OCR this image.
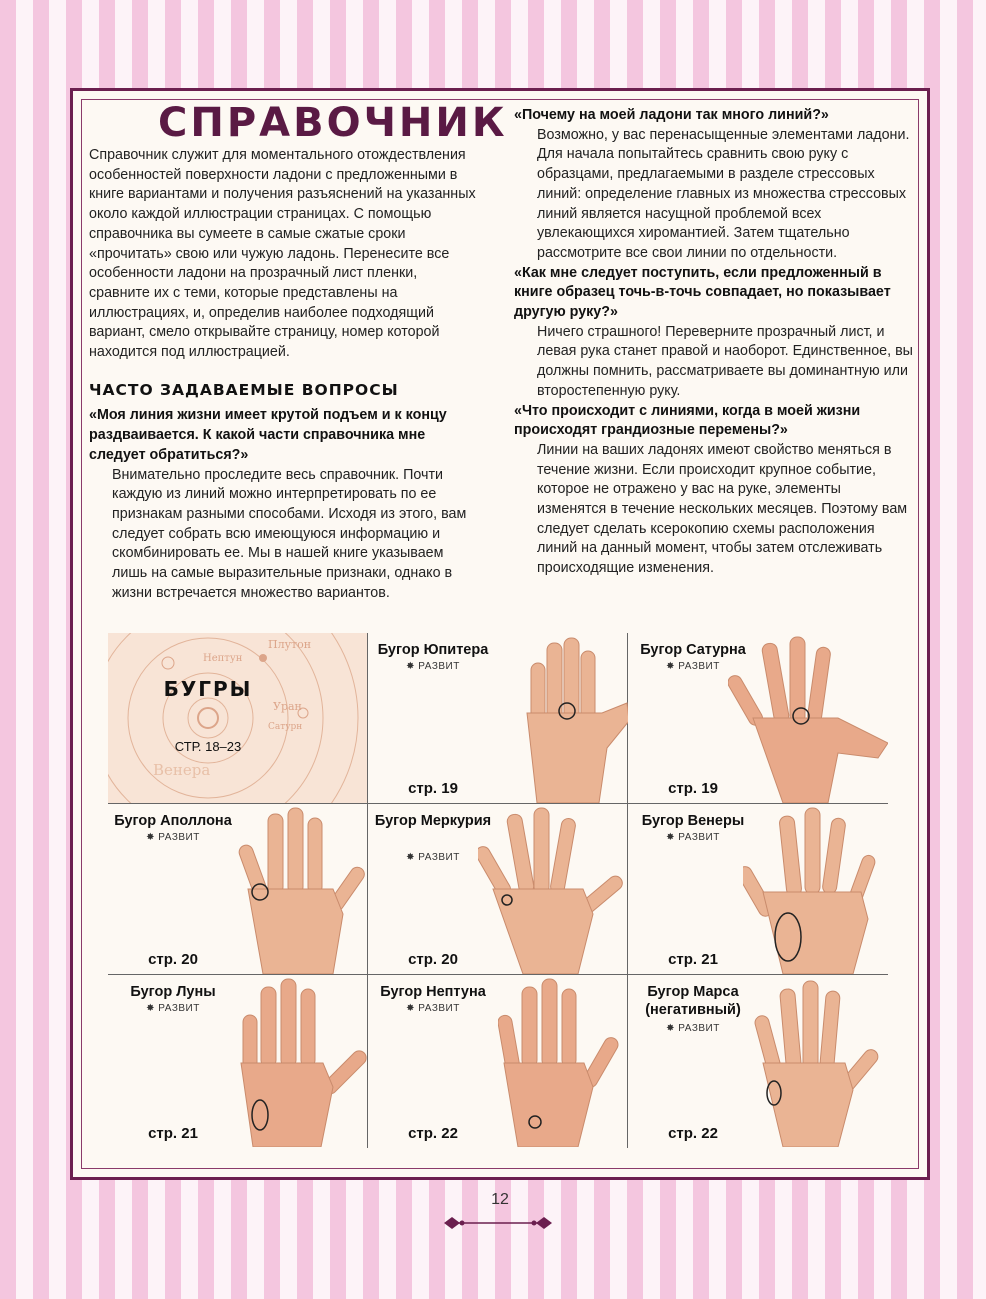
СПРАВОЧНИК

Справочник служит для моментального отождествления особенностей поверхности ладони с предложенными в книге вариантами и получения разъяснений на указанных около каждой иллюстрации страницах. С помощью справочника вы сумеете в самые сжатые сроки «прочитать» свою или чужую ладонь. Перенесите все особенности ладони на прозрачный лист пленки, сравните их с теми, которые представлены на иллюстрациях, и, определив наиболее подходящий вариант, смело открывайте страницу, номер которой находится под иллюстрацией.

ЧАСТО ЗАДАВАЕМЫЕ ВОПРОСЫ

«Моя линия жизни имеет крутой подъем и к концу раздваивается. К какой части справочника мне следует обратиться?»

Внимательно проследите весь справочник. Почти каждую из линий можно интерпретировать по ее признакам разными способами. Исходя из этого, вам следует собрать всю имеющуюся информацию и скомбинировать ее. Мы в нашей книге указываем лишь на самые выразительные признаки, однако в жизни встречается множество вариантов.

«Почему на моей ладони так много линий?»

Возможно, у вас перенасыщенные элементами ладони. Для начала попытайтесь сравнить свою руку с образцами, предлагаемыми в разделе стрессовых линий: определение главных из множества стрессовых линий является насущной проблемой всех увлекающихся хиромантией. Затем тщательно рассмотрите все свои линии по отдельности.

«Как мне следует поступить, если предложенный в книге образец точь-в-точь совпадает, но показывает другую руку?»

Ничего страшного! Переверните прозрачный лист, и левая рука станет правой и наоборот. Единственное, вы должны помнить, рассматриваете вы доминантную или второстепенную руку.

«Что происходит с линиями, когда в моей жизни происходят грандиозные перемены?»

Линии на ваших ладонях имеют свойство меняться в течение жизни. Если происходит крупное событие, которое не отражено у вас на руке, элементы изменятся в течение нескольких месяцев. Поэтому вам следует сделать ксерокопию схемы расположения линий на данный момент, чтобы затем отслеживать происходящие изменения.

Нептун
Плутон
Уран
Сатурн
Венера
БУГРЫ
СТР. 18–23
Бугор Юпитера
✸ РАЗВИТ
стр. 19
Бугор Сатурна
✸ РАЗВИТ
стр. 19
Бугор Аполлона
✸ РАЗВИТ
стр. 20
Бугор Меркурия
✸ РАЗВИТ
стр. 20
Бугор Венеры
✸ РАЗВИТ
стр. 21
Бугор Луны
✸ РАЗВИТ
стр. 21
Бугор Нептуна
✸ РАЗВИТ
стр. 22
Бугор Марса (негативный)
✸ РАЗВИТ
стр. 22
12
